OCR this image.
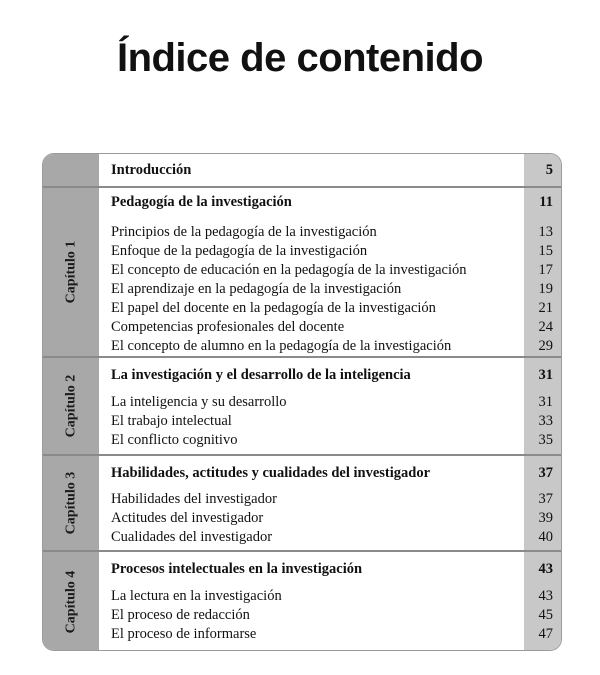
Índice de contenido
Introducción	5
Capítulo 1
Pedagogía de la investigación	11
Principios de la pedagogía de la investigación	13
Enfoque de la pedagogía de la investigación	15
El concepto de educación en la pedagogía de la investigación	17
El aprendizaje en la pedagogía de la investigación	19
El papel del docente en la pedagogía de la investigación	21
Competencias profesionales del docente	24
El concepto de alumno en la pedagogía de la investigación	29
Capítulo 2 La investigación y el desarrollo de la inteligencia	31
La inteligencia y su desarrollo	31
El trabajo intelectual	33
El conflicto cognitivo	35
Capítulo 3 Habilidades, actitudes y cualidades del investigador	37
Habilidades del investigador	37
Actitudes del investigador	39
Cualidades del investigador	40
Capítulo 4
Procesos intelectuales en la investigación	43
La lectura en la investigación	43
El proceso de redacción	45
El proceso de informarse	47
